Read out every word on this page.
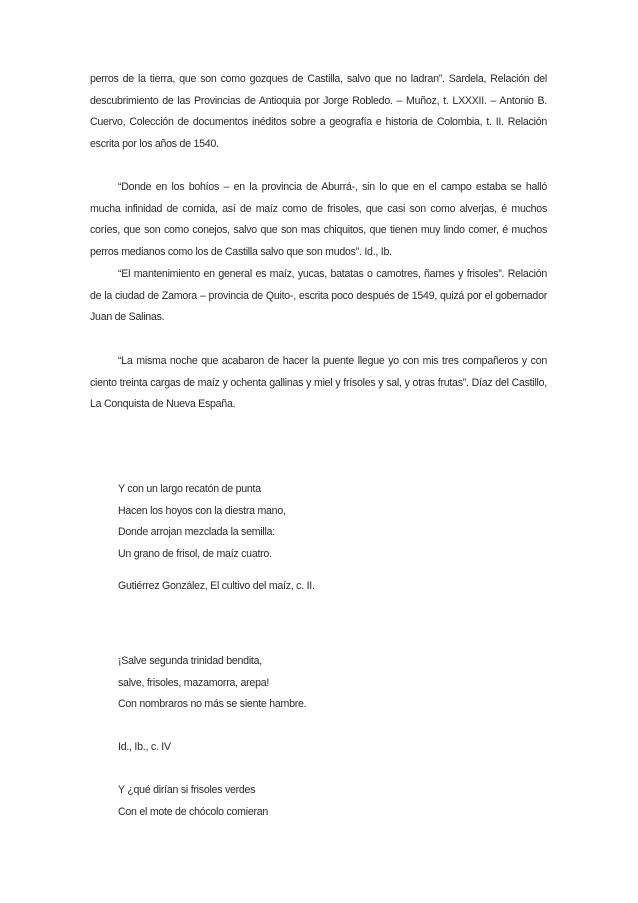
perros de la tierra, que son como gozques de Castilla, salvo que no ladran”. Sardela, Relación del descubrimiento de las Provincias de Antioquia por Jorge Robledo. – Muñoz, t. LXXXII. – Antonio B. Cuervo, Colección de documentos inéditos sobre a geografía e historia de Colombia, t. II. Relación escrita por los años de 1540.

“Donde en los bohíos – en la provincia de Aburrá-, sin lo que en el campo estaba se halló mucha infinidad de comida, así de maíz como de frisoles, que casi son como alverjas, é muchos coríes, que son como conejos, salvo que son mas chiquitos, que tienen muy lindo comer, é muchos perros medianos como los de Castilla salvo que son mudos”. Id., Ib.

“El mantenimiento en general es maíz, yucas, batatas o camotres, ñames y frisoles”. Relación de la ciudad de Zamora – provincia de Quito-, escrita poco después de 1549, quizá por el gobernador Juan de Salinas.

“La misma noche que acabaron de hacer la puente llegue yo con mis tres compañeros y con ciento treinta cargas de maíz y ochenta gallinas y miel y frísoles y sal, y otras frutas”. Díaz del Castillo, La Conquista de Nueva España.

Y con un largo recatón de punta
Hacen los hoyos con la diestra mano,
Donde arrojan mezclada la semilla:
Un grano de frisol, de maíz cuatro.
Gutiérrez González, El cultivo del maíz, c. II.
¡Salve segunda trinidad bendita,
salve, frisoles, mazamorra, arepa!
Con nombraros no más se siente hambre.
Id., Ib., c. IV
Y ¿qué dirían si frisoles verdes
Con el mote de chócolo comieran
